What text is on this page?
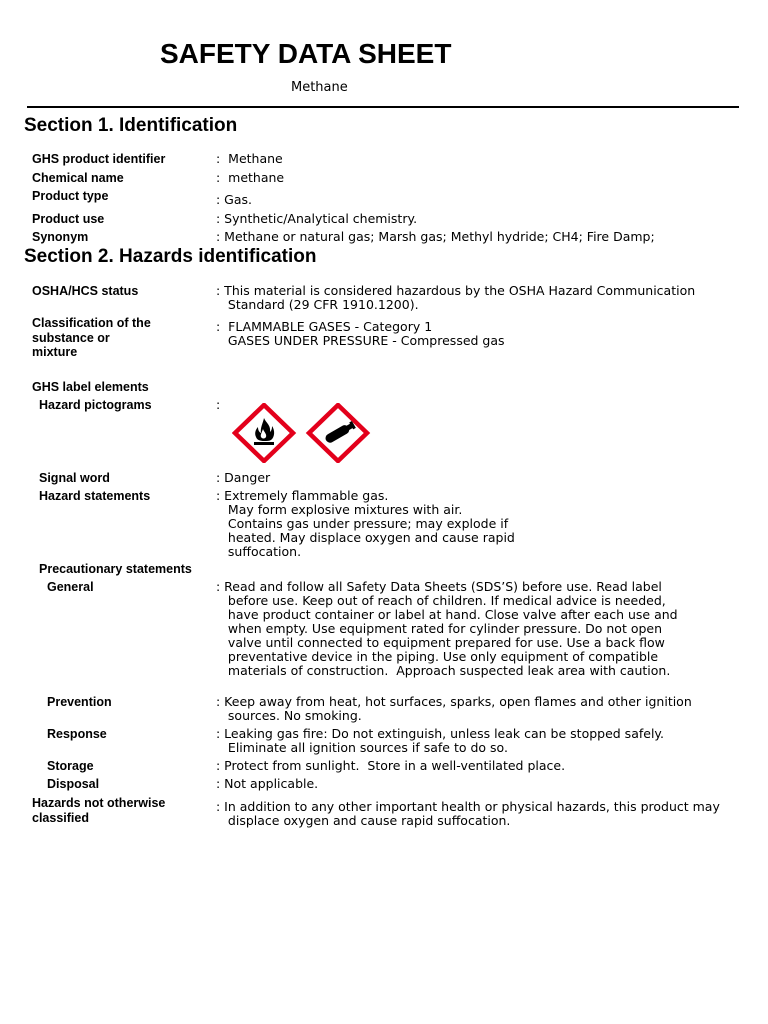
SAFETY DATA SHEET
Methane
Section 1. Identification
GHS product identifier	:  Methane
Chemical name	:  methane
Product type	: Gas.
Product use	: Synthetic/Analytical chemistry.
Synonym	: Methane or natural gas; Marsh gas; Methyl hydride; CH4; Fire Damp;
Section 2. Hazards identification
OSHA/HCS status	: This material is considered hazardous by the OSHA Hazard Communication
Standard (29 CFR 1910.1200).
Classification of the
substance or
mixture
:  FLAMMABLE GASES - Category 1
GASES UNDER PRESSURE - Compressed gas
GHS label elements
Hazard pictograms	:
Signal word	: Danger
Hazard statements	: Extremely flammable gas.
May form explosive mixtures with air.
Contains gas under pressure; may explode if
heated. May displace oxygen and cause rapid
suffocation.
Precautionary statements
General	: Read and follow all Safety Data Sheets (SDS’S) before use. Read label
before use. Keep out of reach of children. If medical advice is needed,
have product container or label at hand. Close valve after each use and
when empty. Use equipment rated for cylinder pressure. Do not open
valve until connected to equipment prepared for use. Use a back flow
preventative device in the piping. Use only equipment of compatible
materials of construction.  Approach suspected leak area with caution.
Prevention	: Keep away from heat, hot surfaces, sparks, open flames and other ignition
sources. No smoking.
Response	: Leaking gas fire: Do not extinguish, unless leak can be stopped safely.
Eliminate all ignition sources if safe to do so.
Storage	: Protect from sunlight.  Store in a well-ventilated place.
Disposal	: Not applicable.
Hazards not otherwise
classified
: In addition to any other important health or physical hazards, this product may
displace oxygen and cause rapid suffocation.
